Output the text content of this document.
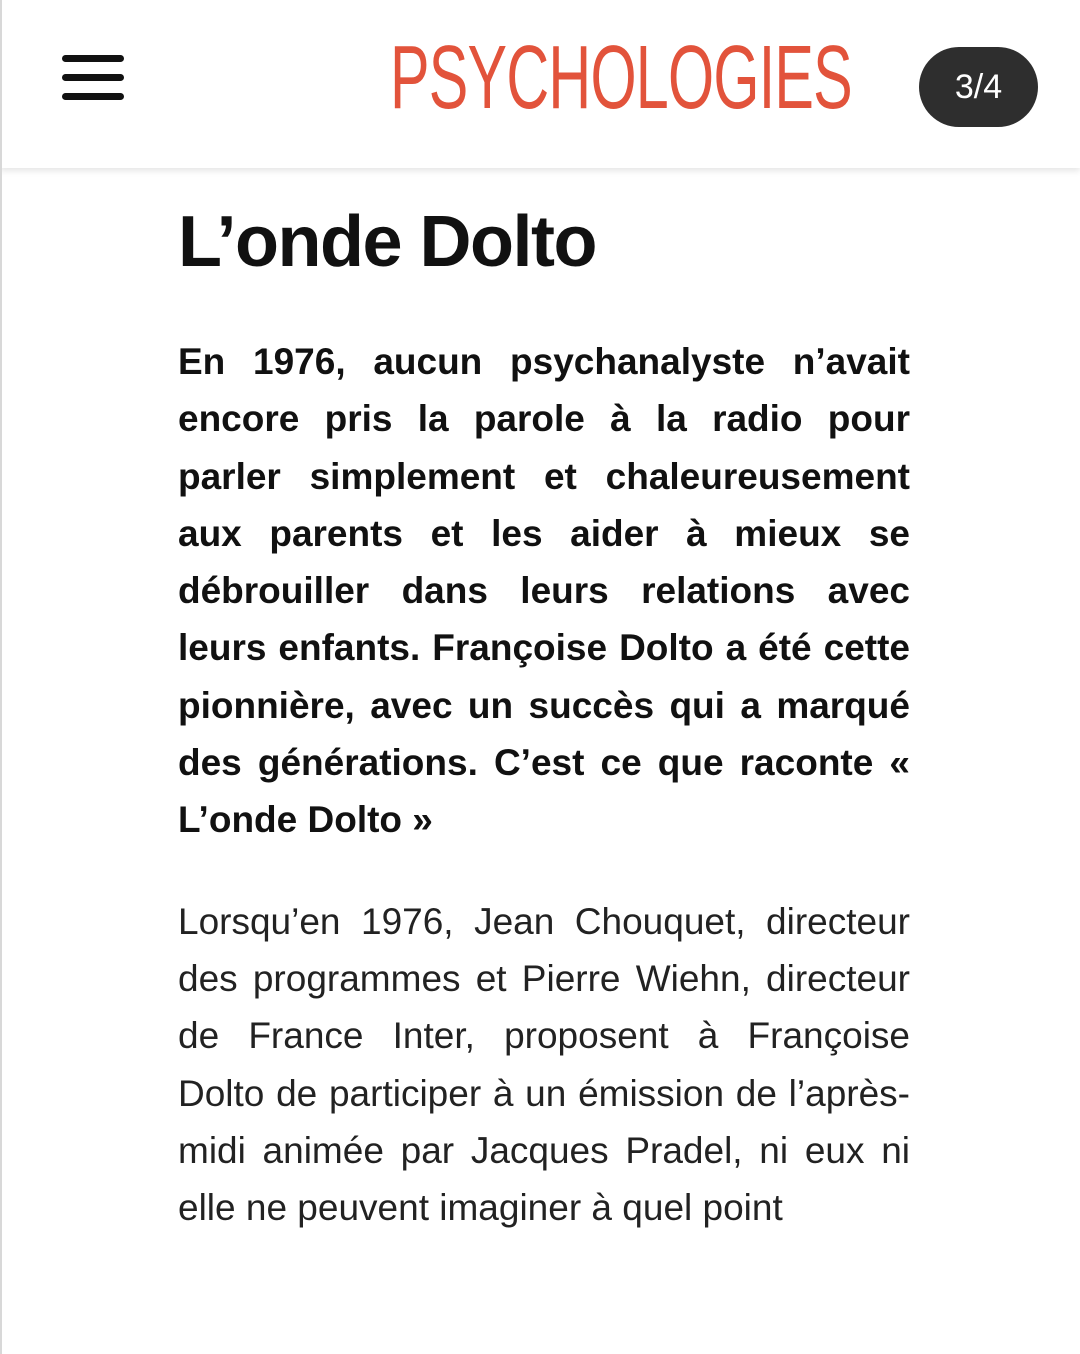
PSYCHOLOGIES	3/4
L’onde Dolto

En 1976, aucun psychanalyste n’avait encore pris la parole à la radio pour parler simplement et chaleureusement aux parents et les aider à mieux se débrouiller dans leurs relations avec leurs enfants. Françoise Dolto a été cette pionnière, avec un succès qui a marqué des générations. C’est ce que raconte « L’onde Dolto »

Lorsqu’en 1976, Jean Chouquet, directeur des programmes et Pierre Wiehn, directeur de France Inter, proposent à Françoise Dolto de participer à un émission de l’après-midi animée par Jacques Pradel, ni eux ni elle ne peuvent imaginer à quel point
